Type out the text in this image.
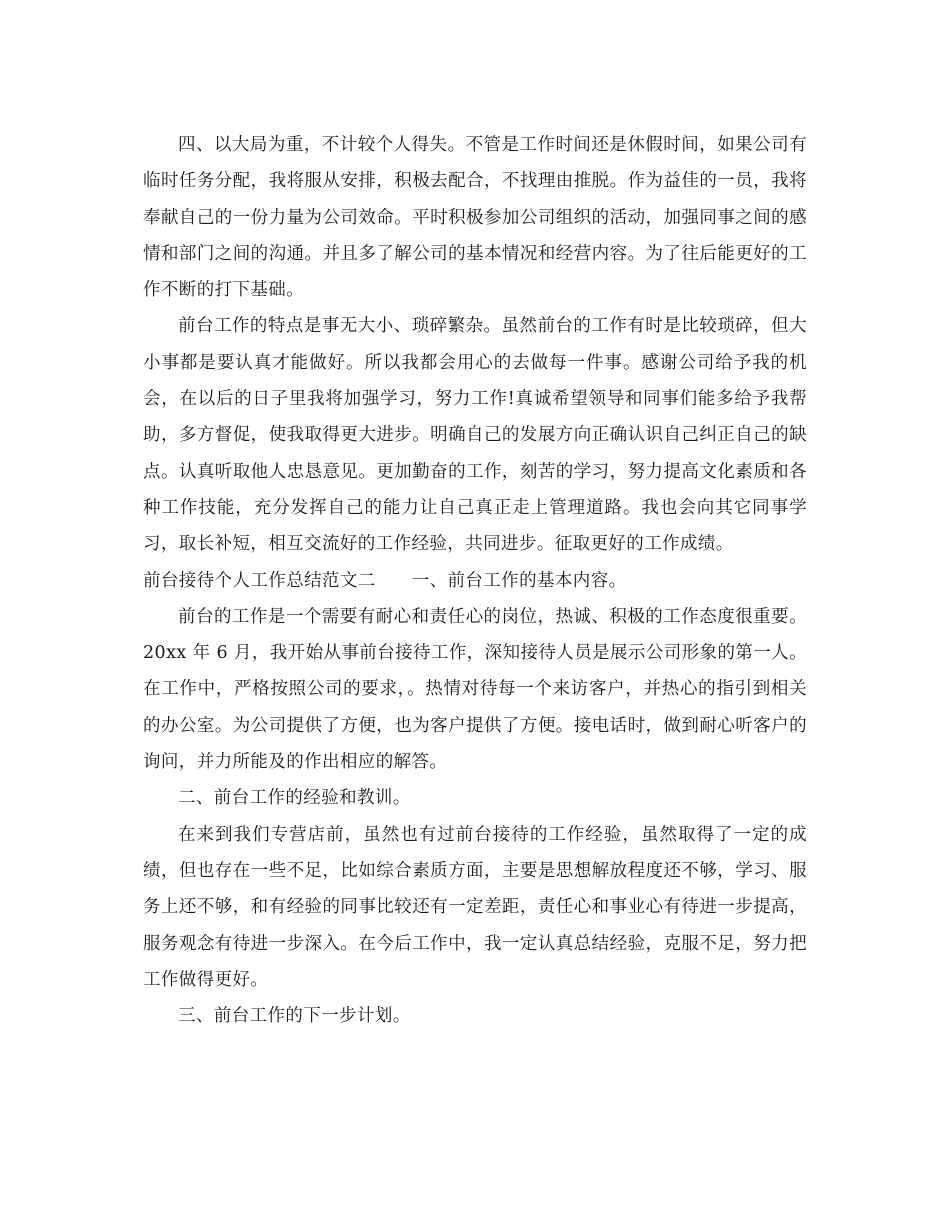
四、以大局为重，不计较个人得失。不管是工作时间还是休假时间，如果公司有临时任务分配，我将服从安排，积极去配合，不找理由推脱。作为益佳的一员，我将奉献自己的一份力量为公司效命。平时积极参加公司组织的活动，加强同事之间的感情和部门之间的沟通。并且多了解公司的基本情况和经营内容。为了往后能更好的工作不断的打下基础。

前台工作的特点是事无大小、琐碎繁杂。虽然前台的工作有时是比较琐碎，但大小事都是要认真才能做好。所以我都会用心的去做每一件事。感谢公司给予我的机会，在以后的日子里我将加强学习，努力工作!真诚希望领导和同事们能多给予我帮助，多方督促，使我取得更大进步。明确自己的发展方向正确认识自己纠正自己的缺点。认真听取他人忠恳意见。更加勤奋的工作，刻苦的学习，努力提高文化素质和各种工作技能，充分发挥自己的能力让自己真正走上管理道路。我也会向其它同事学习，取长补短，相互交流好的工作经验，共同进步。征取更好的工作成绩。

前台接待个人工作总结范文二 一、前台工作的基本内容。

前台的工作是一个需要有耐心和责任心的岗位，热诚、积极的工作态度很重要。20xx 年 6 月，我开始从事前台接待工作，深知接待人员是展示公司形象的第一人。在工作中，严格按照公司的要求，。热情对待每一个来访客户，并热心的指引到相关的办公室。为公司提供了方便，也为客户提供了方便。接电话时，做到耐心听客户的询问，并力所能及的作出相应的解答。

二、前台工作的经验和教训。

在来到我们专营店前，虽然也有过前台接待的工作经验，虽然取得了一定的成绩，但也存在一些不足，比如综合素质方面，主要是思想解放程度还不够，学习、服务上还不够，和有经验的同事比较还有一定差距，责任心和事业心有待进一步提高，服务观念有待进一步深入。在今后工作中，我一定认真总结经验，克服不足，努力把工作做得更好。

三、前台工作的下一步计划。
